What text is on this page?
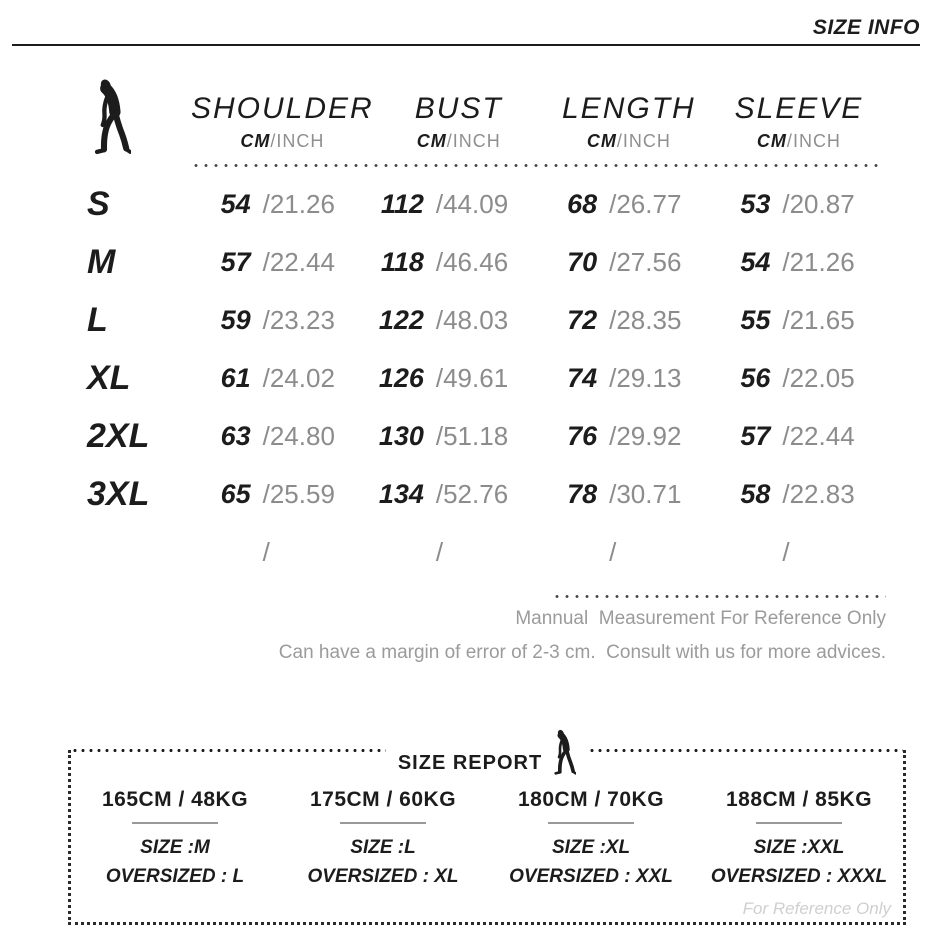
SIZE INFO
SHOULDER
CM/INCH
BUST
CM/INCH
LENGTH
CM/INCH
SLEEVE
CM/INCH
S	54 /21.26	112 /44.09	68 /26.77	53 /20.87
M	57 /22.44	118 /46.46	70 /27.56	54 /21.26
L	59 /23.23	122 /48.03	72 /28.35	55 /21.65
XL	61 /24.02	126 /49.61	74 /29.13	56 /22.05
2XL	63 /24.80	130 /51.18	76 /29.92	57 /22.44
3XL	65 /25.59	134 /52.76	78 /30.71	58 /22.83
/	/	/	/
Mannual  Measurement For Reference Only
Can have a margin of error of 2-3 cm.  Consult with us for more advices.
SIZE REPORT
165CM / 48KG
SIZE :M
OVERSIZED : L
175CM / 60KG
SIZE :L
OVERSIZED : XL
180CM / 70KG
SIZE :XL
OVERSIZED : XXL
188CM / 85KG
SIZE :XXL
OVERSIZED : XXXL
For Reference Only
